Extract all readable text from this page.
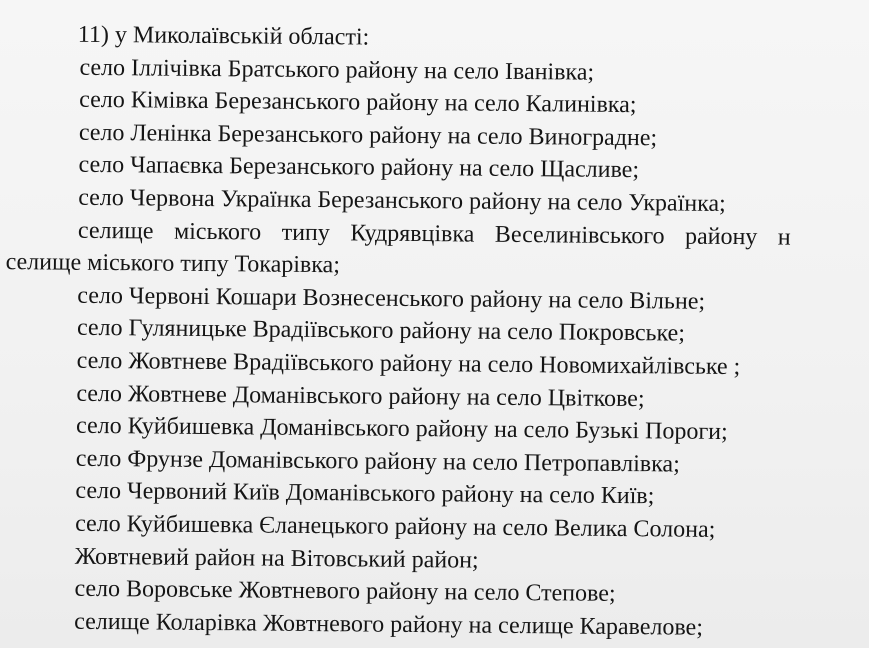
11) у Миколаївській області:
село Іллічівка Братського району на село Іванівка;
село Кімівка Березанського району на село Калинівка;
село Ленінка Березанського району на село Виноградне;
село Чапаєвка Березанського району на село Щасливе;
село Червона Українка Березанського району на село Українка;
селище міського типу Кудрявцівка Веселинівського району н
селище міського типу Токарівка;
село Червоні Кошари Вознесенського району на село Вільне;
село Гуляницьке Врадіївського району на село Покровське;
село Жовтневе Врадіївського району на село Новомихайлівське ;
село Жовтневе Доманівського району на село Цвіткове;
село Куйбишевка Доманівського району на село Бузькі Пороги;
село Фрунзе Доманівського району на село Петропавлівка;
село Червоний Київ Доманівського району на село Київ;
село Куйбишевка Єланецького району на село Велика Солона;
Жовтневий район на Вітовський район;
село Воровське Жовтневого району на село Степове;
селище Коларівка Жовтневого району на селище Каравелове;
